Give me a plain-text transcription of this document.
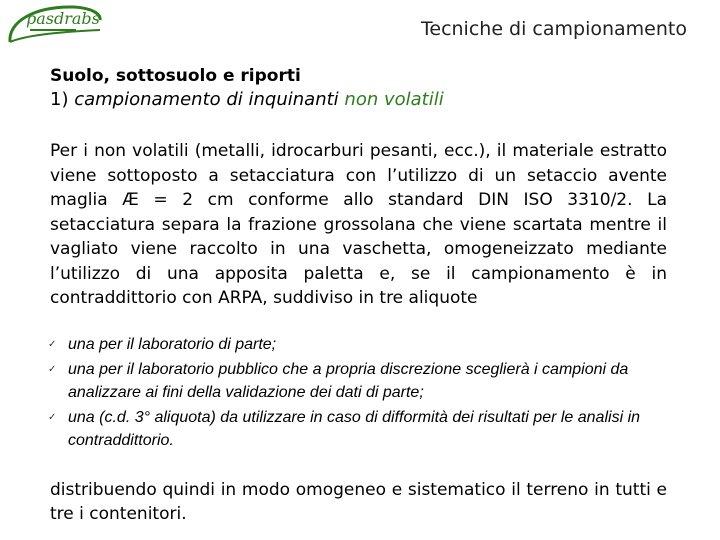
pasdrabs	Tecniche di campionamento
Suolo, sottosuolo e riporti
1) campionamento di inquinanti non volatili

Per i non volatili (metalli, idrocarburi pesanti, ecc.), il materiale estratto viene sottoposto a setacciatura con l’utilizzo di un setaccio avente maglia Æ = 2 cm conforme allo standard DIN ISO 3310/2. La setacciatura separa la frazione grossolana che viene scartata mentre il vagliato viene raccolto in una vaschetta, omogeneizzato mediante l’utilizzo di una apposita paletta e, se il campionamento è in contraddittorio con ARPA, suddiviso in tre aliquote

✓ una per il laboratorio di parte;
✓ una per il laboratorio pubblico che a propria discrezione sceglierà i campioni da analizzare ai fini della validazione dei dati di parte;
✓ una (c.d. 3° aliquota) da utilizzare in caso di difformità dei risultati per le analisi in contraddittorio.

distribuendo quindi in modo omogeneo e sistematico il terreno in tutti e tre i contenitori.
